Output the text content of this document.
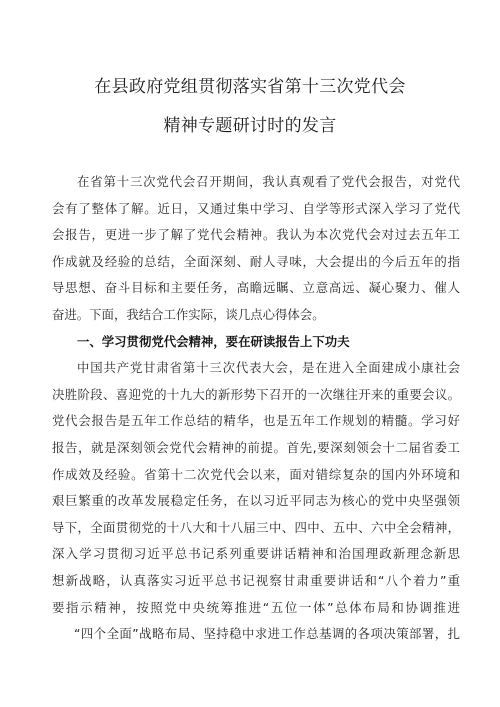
在县政府党组贯彻落实省第十三次党代会
精神专题研讨时的发言
在省第十三次党代会召开期间，我认真观看了党代会报告，对党代
会有了整体了解。近日，又通过集中学习、自学等形式深入学习了党代
会报告，更进一步了解了党代会精神。我认为本次党代会对过去五年工
作成就及经验的总结，全面深刻、耐人寻味，大会提出的今后五年的指
导思想、奋斗目标和主要任务，高瞻远瞩、立意高远、凝心聚力、催人
奋进。下面，我结合工作实际，谈几点心得体会。
一、学习贯彻党代会精神，要在研读报告上下功夫
中国共产党甘肃省第十三次代表大会，是在进入全面建成小康社会
决胜阶段、喜迎党的十九大的新形势下召开的一次继往开来的重要会议。
党代会报告是五年工作总结的精华，也是五年工作规划的精髓。学习好
报告，就是深刻领会党代会精神的前提。首先,要深刻领会十二届省委工
作成效及经验。省第十二次党代会以来，面对错综复杂的国内外环境和
艰巨繁重的改革发展稳定任务，在以习近平同志为核心的党中央坚强领
导下，全面贯彻党的十八大和十八届三中、四中、五中、六中全会精神，
深入学习贯彻习近平总书记系列重要讲话精神和治国理政新理念新思
想新战略，认真落实习近平总书记视察甘肃重要讲话和“八个着力”重
要指示精神，按照党中央统筹推进“五位一体”总体布局和协调推进
“四个全面”战略布局、坚持稳中求进工作总基调的各项决策部署，扎
